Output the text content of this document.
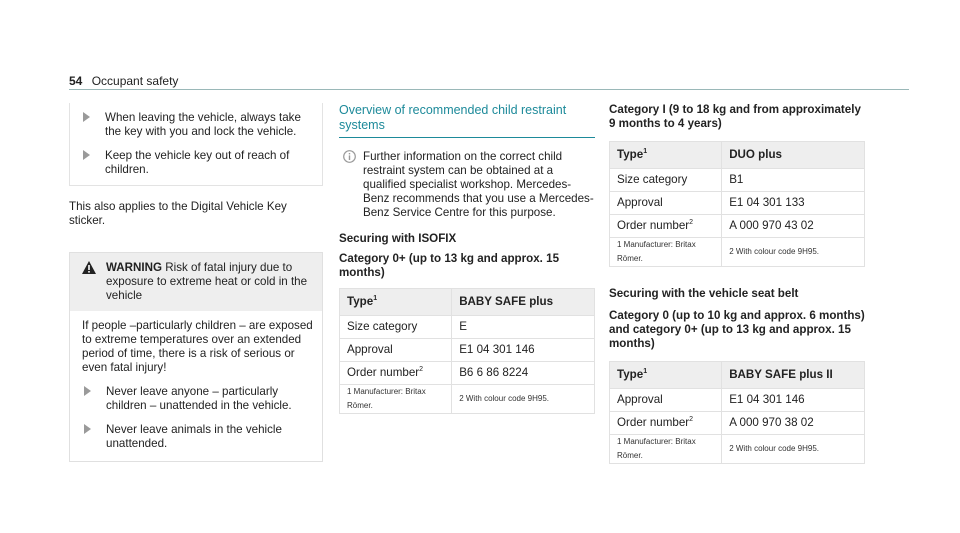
54 Occupant safety
When leaving the vehicle, always take the key with you and lock the vehicle.
Keep the vehicle key out of reach of children.
This also applies to the Digital Vehicle Key sticker.
WARNING Risk of fatal injury due to exposure to extreme heat or cold in the vehicle
If people –particularly children – are exposed to extreme temperatures over an extended period of time, there is a risk of serious or even fatal injury!
Never leave anyone – particularly children – unattended in the vehicle.
Never leave animals in the vehicle unattended.
Overview of recommended child restraint systems
Further information on the correct child restraint system can be obtained at a qualified specialist workshop. Mercedes-Benz recommends that you use a Mercedes-Benz Service Centre for this purpose.
Securing with ISOFIX
Category 0+ (up to 13 kg and approx. 15 months)
Type$^1$	BABY SAFE plus
Size category	E
Approval	E1 04 301 146
Order number$^2$	B6 6 86 8224
1 Manufacturer: Britax Römer.	2 With colour code 9H95.
Category I (9 to 18 kg and from approximately 9 months to 4 years)
Type$^1$	DUO plus
Size category	B1
Approval	E1 04 301 133
Order number$^2$	A 000 970 43 02
1 Manufacturer: Britax Römer.	2 With colour code 9H95.
Securing with the vehicle seat belt
Category 0 (up to 10 kg and approx. 6 months) and category 0+ (up to 13 kg and approx. 15 months)
Type$^1$	BABY SAFE plus II
Approval	E1 04 301 146
Order number$^2$	A 000 970 38 02
1 Manufacturer: Britax Römer.	2 With colour code 9H95.
